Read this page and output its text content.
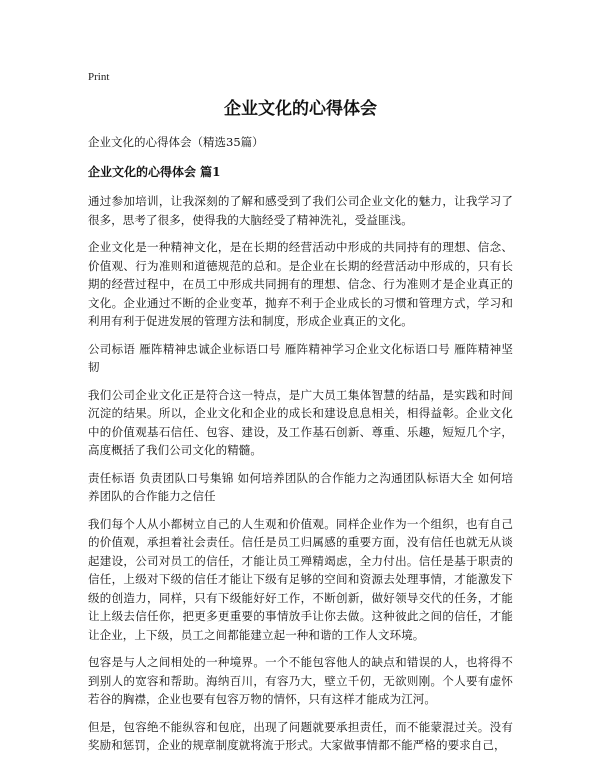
Print
企业文化的心得体会
企业文化的心得体会（精选35篇）
企业文化的心得体会 篇1

通过参加培训，让我深刻的了解和感受到了我们公司企业文化的魅力，让我学习了很多，思考了很多，使得我的大脑经受了精神洗礼，受益匪浅。

企业文化是一种精神文化，是在长期的经营活动中形成的共同持有的理想、信念、价值观、行为准则和道德规范的总和。是企业在长期的经营活动中形成的，只有长期的经营过程中，在员工中形成共同拥有的理想、信念、行为准则才是企业真正的文化。企业通过不断的企业变革，抛弃不利于企业成长的习惯和管理方式，学习和利用有利于促进发展的管理方法和制度，形成企业真正的文化。

公司标语 雁阵精神忠诚企业标语口号 雁阵精神学习企业文化标语口号 雁阵精神坚韧

我们公司企业文化正是符合这一特点，是广大员工集体智慧的结晶，是实践和时间沉淀的结果。所以，企业文化和企业的成长和建设息息相关，相得益彰。企业文化中的价值观基石信任、包容、建设，及工作基石创新、尊重、乐趣，短短几个字，高度概括了我们公司文化的精髓。

责任标语 负责团队口号集锦 如何培养团队的合作能力之沟通团队标语大全 如何培养团队的合作能力之信任

我们每个人从小都树立自己的人生观和价值观。同样企业作为一个组织，也有自己的价值观，承担着社会责任。信任是员工归属感的重要方面，没有信任也就无从谈起建设，公司对员工的信任，才能让员工殚精竭虑，全力付出。信任是基于职责的信任，上级对下级的信任才能让下级有足够的空间和资源去处理事情，才能激发下级的创造力，同样，只有下级能好好工作，不断创新，做好领导交代的任务，才能让上级去信任你，把更多更重要的事情放手让你去做。这种彼此之间的信任，才能让企业，上下级，员工之间都能建立起一种和谐的工作人文环境。

包容是与人之间相处的一种境界。一个不能包容他人的缺点和错误的人，也将得不到别人的宽容和帮助。海纳百川，有容乃大，壁立千仞，无欲则刚。个人要有虚怀若谷的胸襟，企业也要有包容万物的情怀，只有这样才能成为江河。

但是，包容绝不能纵容和包庇，出现了问题就要承担责任，而不能蒙混过关。没有奖励和惩罚，企业的规章制度就将流于形式。大家做事情都不能严格的要求自己，
